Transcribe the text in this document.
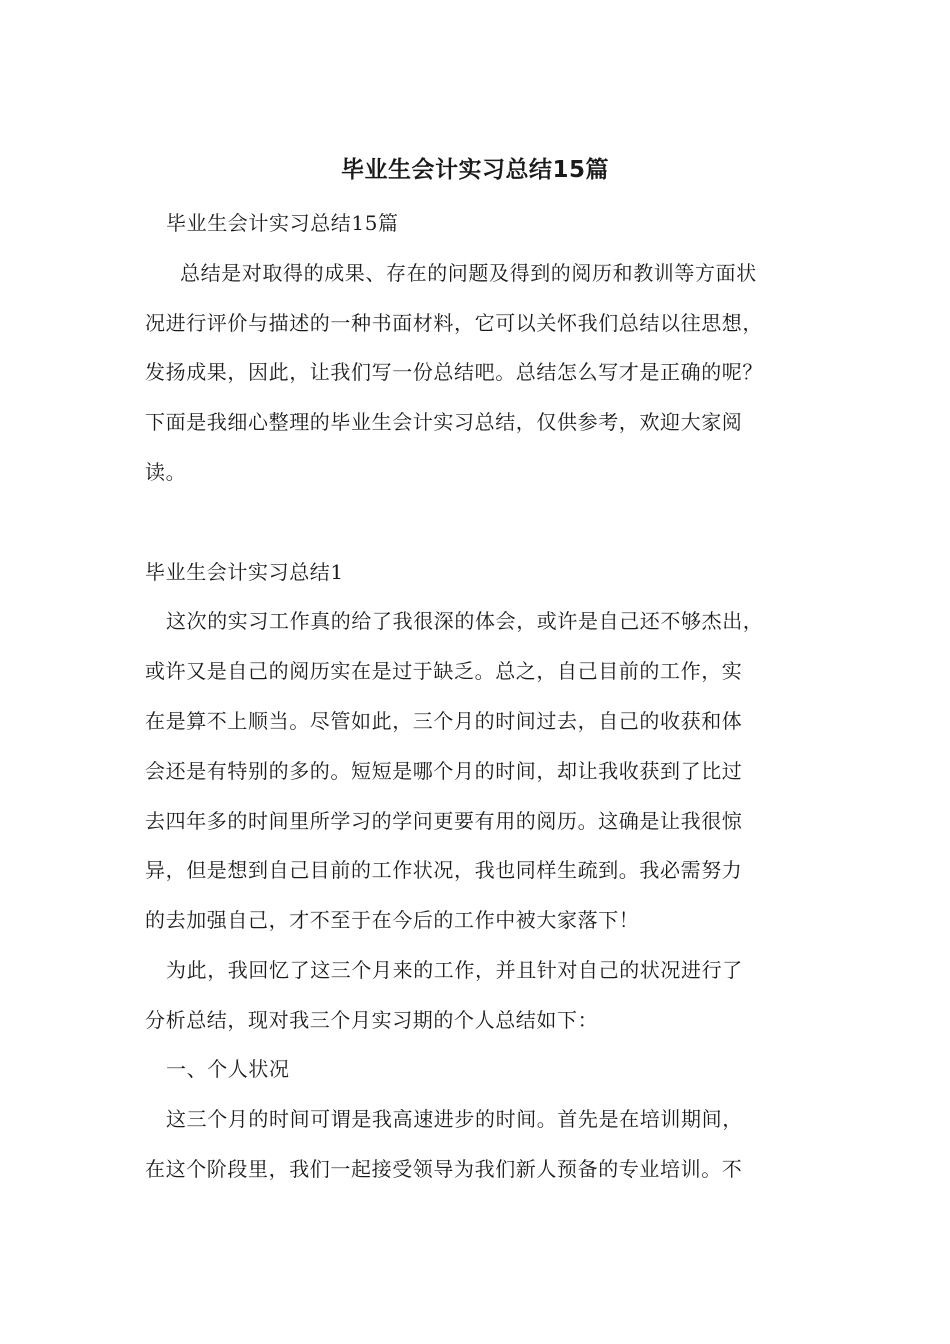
毕业生会计实习总结15篇
毕业生会计实习总结15篇
总结是对取得的成果、存在的问题及得到的阅历和教训等方面状
况进行评价与描述的一种书面材料，它可以关怀我们总结以往思想，
发扬成果，因此，让我们写一份总结吧。总结怎么写才是正确的呢？
下面是我细心整理的毕业生会计实习总结，仅供参考，欢迎大家阅
读。
毕业生会计实习总结1
这次的实习工作真的给了我很深的体会，或许是自己还不够杰出，
或许又是自己的阅历实在是过于缺乏。总之，自己目前的工作，实
在是算不上顺当。尽管如此，三个月的时间过去，自己的收获和体
会还是有特别的多的。短短是哪个月的时间，却让我收获到了比过
去四年多的时间里所学习的学问更要有用的阅历。这确是让我很惊
异，但是想到自己目前的工作状况，我也同样生疏到。我必需努力
的去加强自己，才不至于在今后的工作中被大家落下！
为此，我回忆了这三个月来的工作，并且针对自己的状况进行了
分析总结，现对我三个月实习期的个人总结如下：
一、个人状况
这三个月的时间可谓是我高速进步的时间。首先是在培训期间，
在这个阶段里，我们一起接受领导为我们新人预备的专业培训。不
